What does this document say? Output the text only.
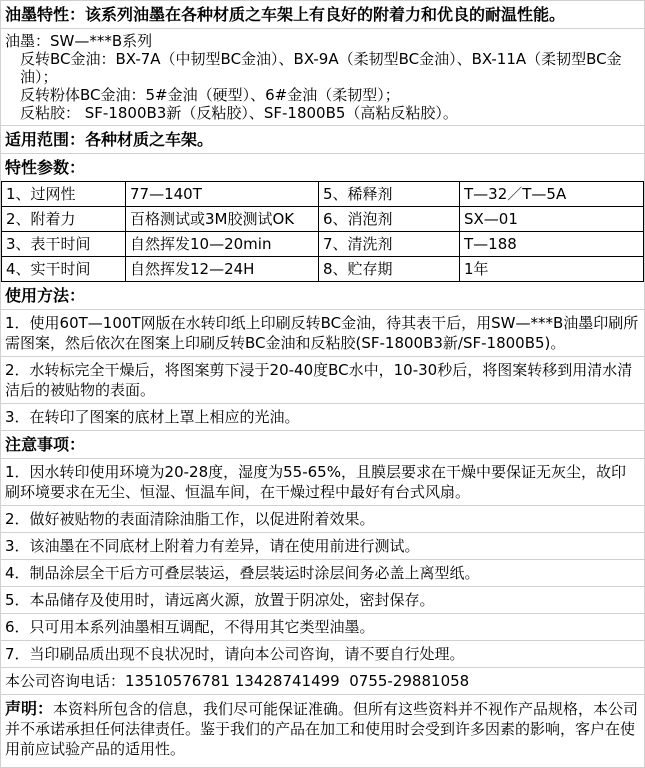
油墨特性：该系列油墨在各种材质之车架上有良好的附着力和优良的耐温性能。
油墨：SW—***B系列
反转BC金油：BX-7A（中韧型BC金油）、BX-9A（柔韧型BC金油）、BX-11A（柔韧型BC金油）；
反转粉体BC金油：5#金油（硬型）、6#金油（柔韧型）；
反粘胶： SF-1800B3新（反粘胶）、SF-1800B5（高粘反粘胶）。
适用范围：各种材质之车架。
特性参数：
1、过网性	77—140T	5、稀释剂	T—32／T—5A
2、附着力	百格测试或3M胶测试OK	6、消泡剂	SX—01
3、表干时间	自然挥发10—20min	7、清洗剂	T—188
4、实干时间	自然挥发12—24H	8、贮存期	1年
使用方法：
1．使用60T—100T网版在水转印纸上印刷反转BC金油，待其表干后，用SW—***B油墨印刷所需图案，然后依次在图案上印刷反转BC金油和反粘胶(SF-1800B3新/SF-1800B5)。
2．水转标完全干燥后，将图案剪下浸于20-40度BC水中，10-30秒后，将图案转移到用清水清洁后的被贴物的表面。
3．在转印了图案的底材上罩上相应的光油。
注意事项：
1．因水转印使用环境为20-28度，湿度为55-65%，且膜层要求在干燥中要保证无灰尘，故印刷环境要求在无尘、恒湿、恒温车间，在干燥过程中最好有台式风扇。
2．做好被贴物的表面清除油脂工作，以促进附着效果。
3．该油墨在不同底材上附着力有差异，请在使用前进行测试。
4．制品涂层全干后方可叠层装运，叠层装运时涂层间务必盖上离型纸。
5．本品储存及使用时，请远离火源，放置于阴凉处，密封保存。
6．只可用本系列油墨相互调配，不得用其它类型油墨。
7．当印刷品质出现不良状况时，请向本公司咨询，请不要自行处理。
本公司咨询电话：13510576781 13428741499  0755-29881058
声明：本资料所包含的信息，我们尽可能保证准确。但所有这些资料并不视作产品规格，本公司并不承诺承担任何法律责任。鉴于我们的产品在加工和使用时会受到许多因素的影响，客户在使用前应试验产品的适用性。
